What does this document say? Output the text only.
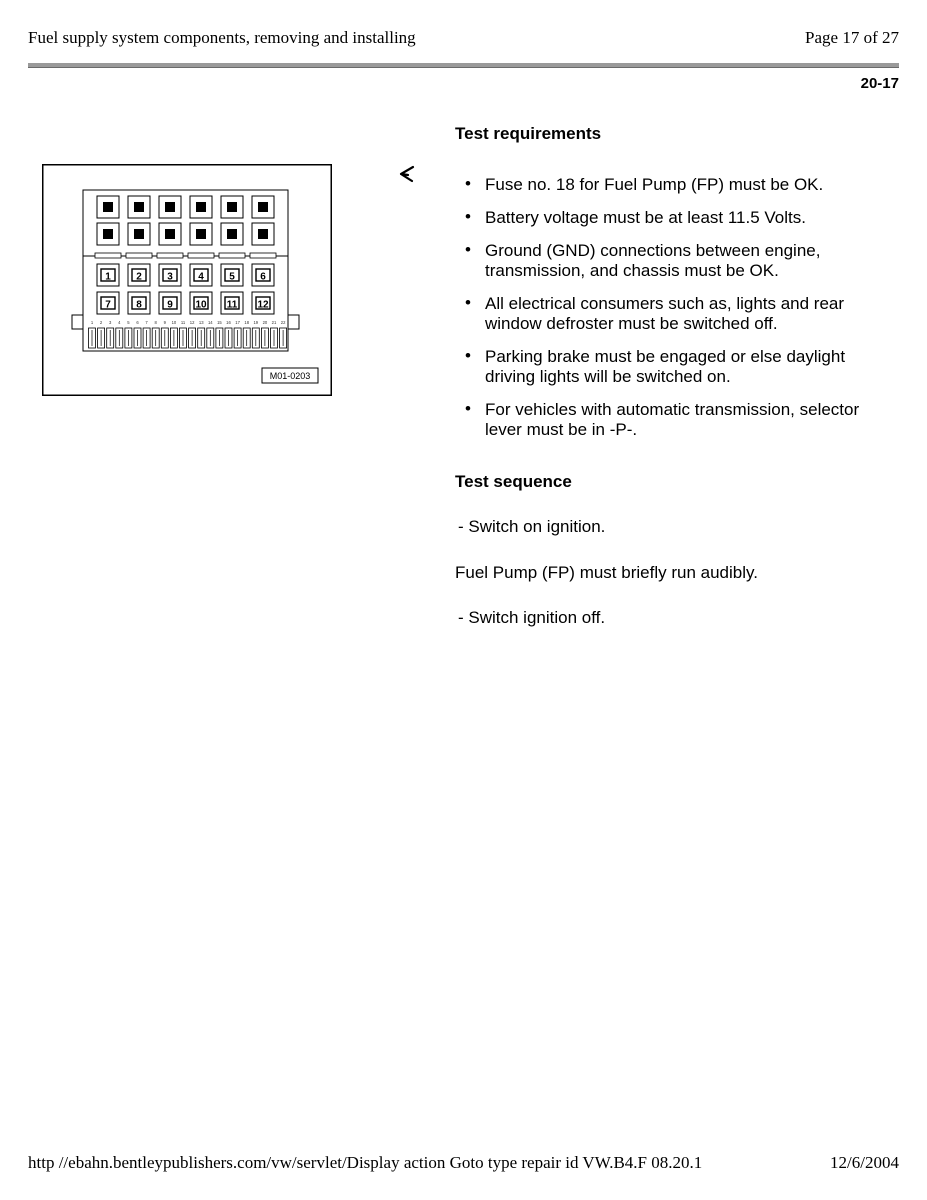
Fuel supply system components, removing and installing	Page 17 of 27
20-17
1	2	3	4	5	6
7	8	9 10 11 12
1 2 3 4 5 6 7 8 9 10 11 12 13 14 15 16 17 18 19 20 21 22
M01-0203
Test requirements
• Fuse no. 18 for Fuel Pump (FP) must be OK.
• Battery voltage must be at least 11.5 Volts.
• Ground (GND) connections between engine, transmission, and chassis must be OK.
• All electrical consumers such as, lights and rear window defroster must be switched off.
• Parking brake must be engaged or else daylight driving lights will be switched on.
• For vehicles with automatic transmission, selector lever must be in -P-.
Test sequence
- Switch on ignition.
Fuel Pump (FP) must briefly run audibly.
- Switch ignition off.
http //ebahn.bentleypublishers.com/vw/servlet/Display action Goto type repair id VW.B4.F 08.20.1	12/6/2004
